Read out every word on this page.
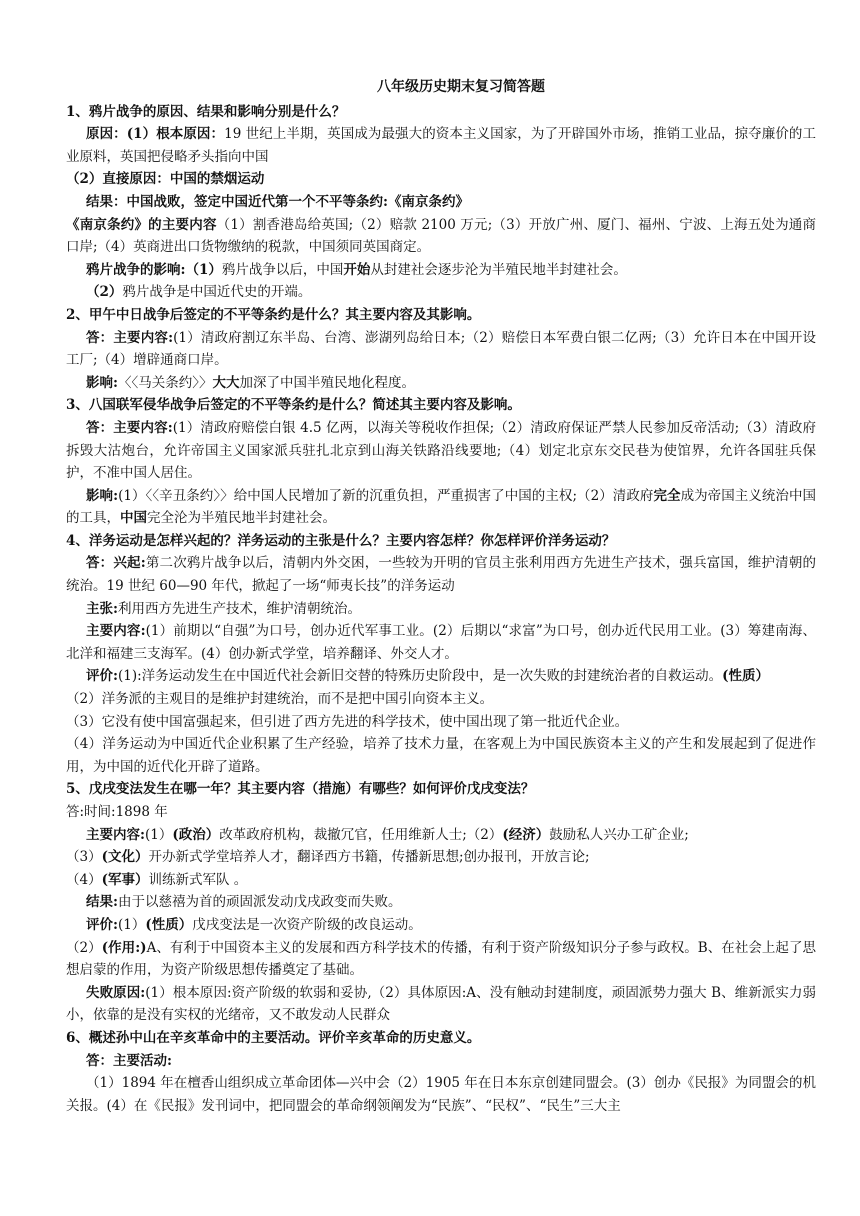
八年级历史期末复习简答题
1、鸦片战争的原因、结果和影响分别是什么？

原因：(1）根本原因：19 世纪上半期，英国成为最强大的资本主义国家，为了开辟国外市场，推销工业品，掠夺廉价的工业原料，英国把侵略矛头指向中国

（2）直接原因：中国的禁烟运动

结果：中国战败，签定中国近代第一个不平等条约:《南京条约》

《南京条约》的主要内容（1）割香港岛给英国;（2）赔款 2100 万元;（3）开放广州、厦门、福州、宁波、上海五处为通商口岸;（4）英商进出口货物缴纳的税款，中国须同英国商定。

鸦片战争的影响:（1）鸦片战争以后，中国开始从封建社会逐步沦为半殖民地半封建社会。

（2）鸦片战争是中国近代史的开端。

2、甲午中日战争后签定的不平等条约是什么？其主要内容及其影响。

答：主要内容:(1）清政府割辽东半岛、台湾、澎湖列岛给日本;（2）赔偿日本军费白银二亿两;（3）允许日本在中国开设工厂;（4）增辟通商口岸。

影响:〈〈马关条约〉〉大大加深了中国半殖民地化程度。

3、八国联军侵华战争后签定的不平等条约是什么？简述其主要内容及影响。

答：主要内容:(1）清政府赔偿白银 4.5 亿两，以海关等税收作担保;（2）清政府保证严禁人民参加反帝活动;（3）清政府拆毁大沽炮台，允许帝国主义国家派兵驻扎北京到山海关铁路沿线要地;（4）划定北京东交民巷为使馆界，允许各国驻兵保护，不准中国人居住。

影响:(1）〈〈辛丑条约〉〉给中国人民增加了新的沉重负担，严重损害了中国的主权;（2）清政府完全成为帝国主义统治中国的工具，中国完全沦为半殖民地半封建社会。

4、洋务运动是怎样兴起的？洋务运动的主张是什么？主要内容怎样？你怎样评价洋务运动？

答：兴起:第二次鸦片战争以后，清朝内外交困，一些较为开明的官员主张利用西方先进生产技术，强兵富国，维护清朝的统治。19 世纪 60—90 年代，掀起了一场“师夷长技”的洋务运动

主张:利用西方先进生产技术，维护清朝统治。

主要内容:(1）前期以“自强”为口号，创办近代军事工业。(2）后期以“求富”为口号，创办近代民用工业。(3）筹建南海、北洋和福建三支海军。(4）创办新式学堂，培养翻译、外交人才。

评价:(1):洋务运动发生在中国近代社会新旧交替的特殊历史阶段中，是一次失败的封建统治者的自救运动。(性质）

（2）洋务派的主观目的是维护封建统治，而不是把中国引向资本主义。

（3）它没有使中国富强起来，但引进了西方先进的科学技术，使中国出现了第一批近代企业。

（4）洋务运动为中国近代企业积累了生产经验，培养了技术力量，在客观上为中国民族资本主义的产生和发展起到了促进作用，为中国的近代化开辟了道路。

5、戊戌变法发生在哪一年？其主要内容（措施）有哪些？如何评价戊戌变法？

答:时间:1898 年

主要内容:(1）(政治）改革政府机构，裁撤冗官，任用维新人士;（2）(经济）鼓励私人兴办工矿企业;

（3）(文化）开办新式学堂培养人才，翻译西方书籍，传播新思想;创办报刊，开放言论;

（4）(军事）训练新式军队 。

结果:由于以慈禧为首的顽固派发动戊戌政变而失败。

评价:(1）(性质）戊戌变法是一次资产阶级的改良运动。

（2）(作用:)A、有利于中国资本主义的发展和西方科学技术的传播，有利于资产阶级知识分子参与政权。B、在社会上起了思想启蒙的作用，为资产阶级思想传播奠定了基础。

失败原因:(1）根本原因:资产阶级的软弱和妥协,（2）具体原因:A、没有触动封建制度，顽固派势力强大 B、维新派实力弱小，依靠的是没有实权的光绪帝，又不敢发动人民群众

6、概述孙中山在辛亥革命中的主要活动。评价辛亥革命的历史意义。

答：主要活动:

（1）1894 年在檀香山组织成立革命团体—兴中会（2）1905 年在日本东京创建同盟会。(3）创办《民报》为同盟会的机关报。(4）在《民报》发刊词中，把同盟会的革命纲领阐发为“民族”、“民权”、“民生”三大主
